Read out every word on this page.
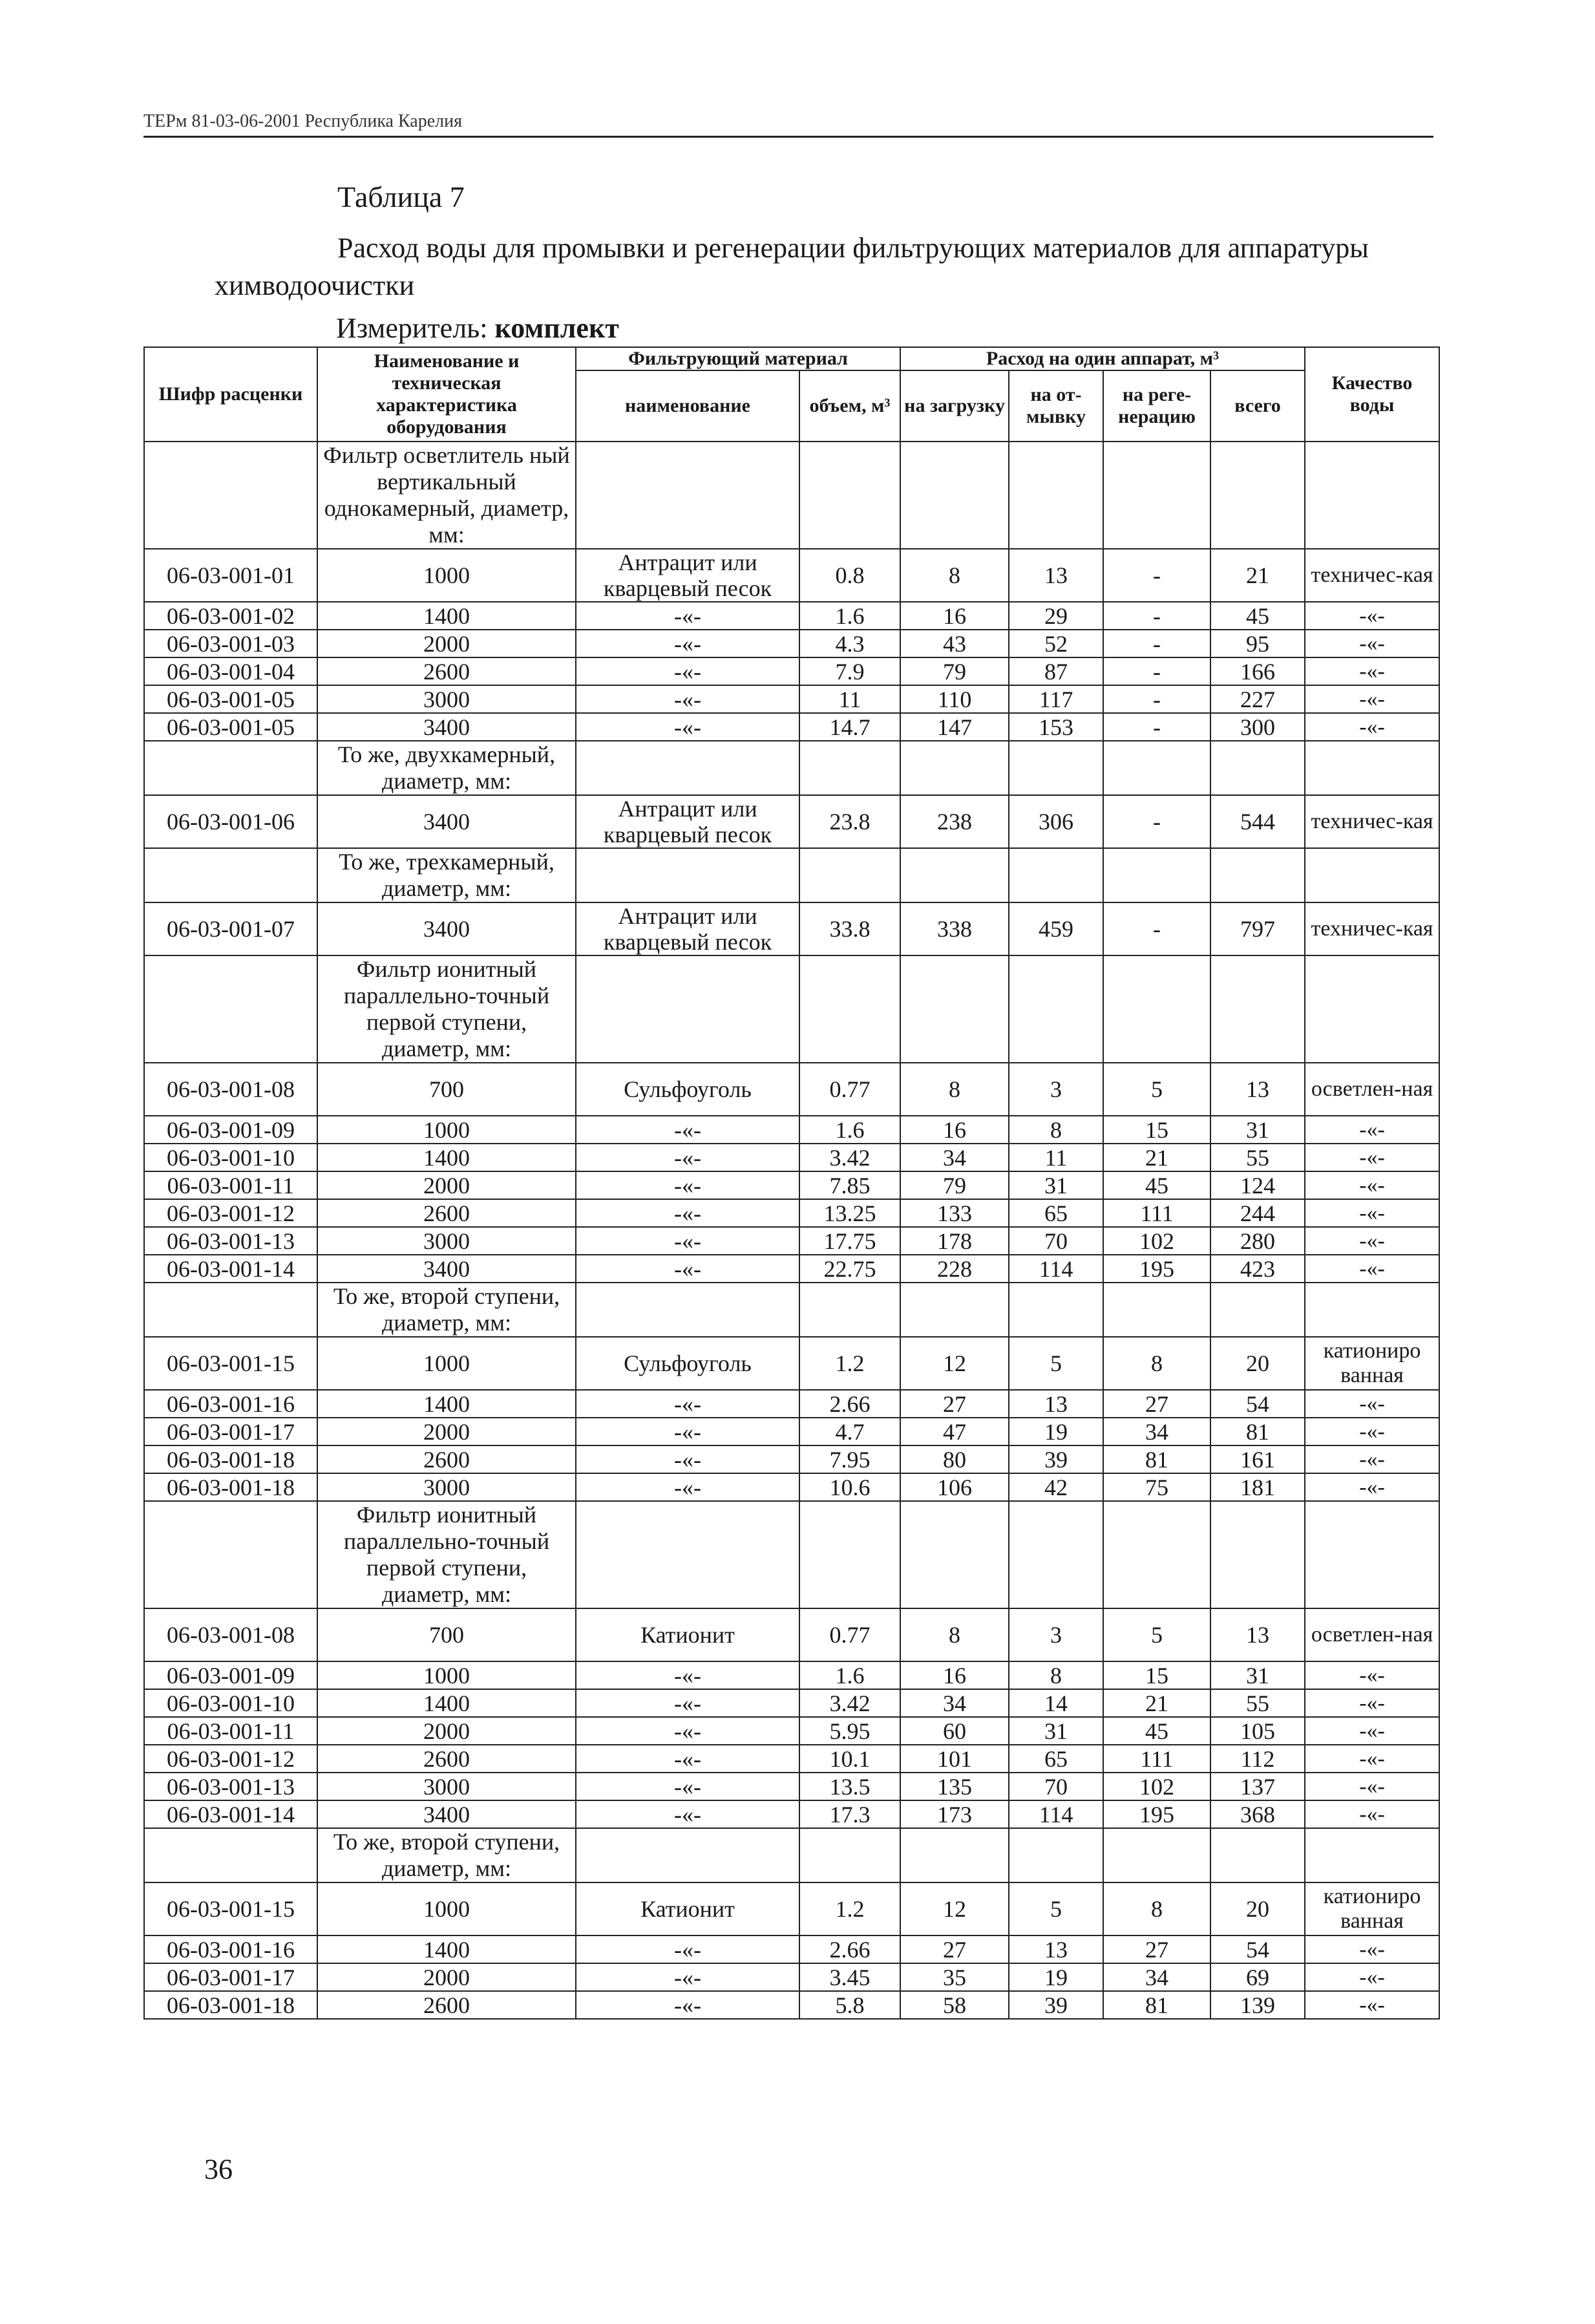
ТЕРм 81-03-06-2001 Республика Карелия
Таблица 7
Расход воды для промывки и регенерации фильтрующих материалов для аппаратуры химводоочистки
Измеритель: комплект
Шифр расценки	Наименование и техническая характеристика оборудования	Фильтрующий материал		Расход на один аппарат, м³				Качество воды
		наименование	объем, м³	на загрузку	на от-мывку	на реге-нерацию	всего	
	Фильтр осветлитель ный вертикальный однокамерный, диаметр, мм:							
06-03-001-01	1000	Антрацит или кварцевый песок	0.8	8	13	-	21	техничес-кая
06-03-001-02	1400	-«-	1.6	16	29	-	45	-«-
06-03-001-03	2000	-«-	4.3	43	52	-	95	-«-
06-03-001-04	2600	-«-	7.9	79	87	-	166	-«-
06-03-001-05	3000	-«-	11	110	117	-	227	-«-
06-03-001-05	3400	-«-	14.7	147	153	-	300	-«-
	То же, двухкамерный, диаметр, мм:							
06-03-001-06	3400	Антрацит или кварцевый песок	23.8	238	306	-	544	техничес-кая
	То же, трехкамерный, диаметр, мм:							
06-03-001-07	3400	Антрацит или кварцевый песок	33.8	338	459	-	797	техничес-кая
	Фильтр ионитный параллельно-точный первой ступени, диаметр, мм:							
06-03-001-08	700	Сульфоуголь	0.77	8	3	5	13	осветлен-ная
06-03-001-09	1000	-«-	1.6	16	8	15	31	-«-
06-03-001-10	1400	-«-	3.42	34	11	21	55	-«-
06-03-001-11	2000	-«-	7.85	79	31	45	124	-«-
06-03-001-12	2600	-«-	13.25	133	65	111	244	-«-
06-03-001-13	3000	-«-	17.75	178	70	102	280	-«-
06-03-001-14	3400	-«-	22.75	228	114	195	423	-«-
	То же, второй ступени, диаметр, мм:							
06-03-001-15	1000	Сульфоуголь	1.2	12	5	8	20	катиониро ванная
06-03-001-16	1400	-«-	2.66	27	13	27	54	-«-
06-03-001-17	2000	-«-	4.7	47	19	34	81	-«-
06-03-001-18	2600	-«-	7.95	80	39	81	161	-«-
06-03-001-18	3000	-«-	10.6	106	42	75	181	-«-
	Фильтр ионитный параллельно-точный первой ступени, диаметр, мм:							
06-03-001-08	700	Катионит	0.77	8	3	5	13	осветлен-ная
06-03-001-09	1000	-«-	1.6	16	8	15	31	-«-
06-03-001-10	1400	-«-	3.42	34	14	21	55	-«-
06-03-001-11	2000	-«-	5.95	60	31	45	105	-«-
06-03-001-12	2600	-«-	10.1	101	65	111	112	-«-
06-03-001-13	3000	-«-	13.5	135	70	102	137	-«-
06-03-001-14	3400	-«-	17.3	173	114	195	368	-«-
	То же, второй ступени, диаметр, мм:							
06-03-001-15	1000	Катионит	1.2	12	5	8	20	катиониро ванная
06-03-001-16	1400	-«-	2.66	27	13	27	54	-«-
06-03-001-17	2000	-«-	3.45	35	19	34	69	-«-
06-03-001-18	2600	-«-	5.8	58	39	81	139	-«-
36
